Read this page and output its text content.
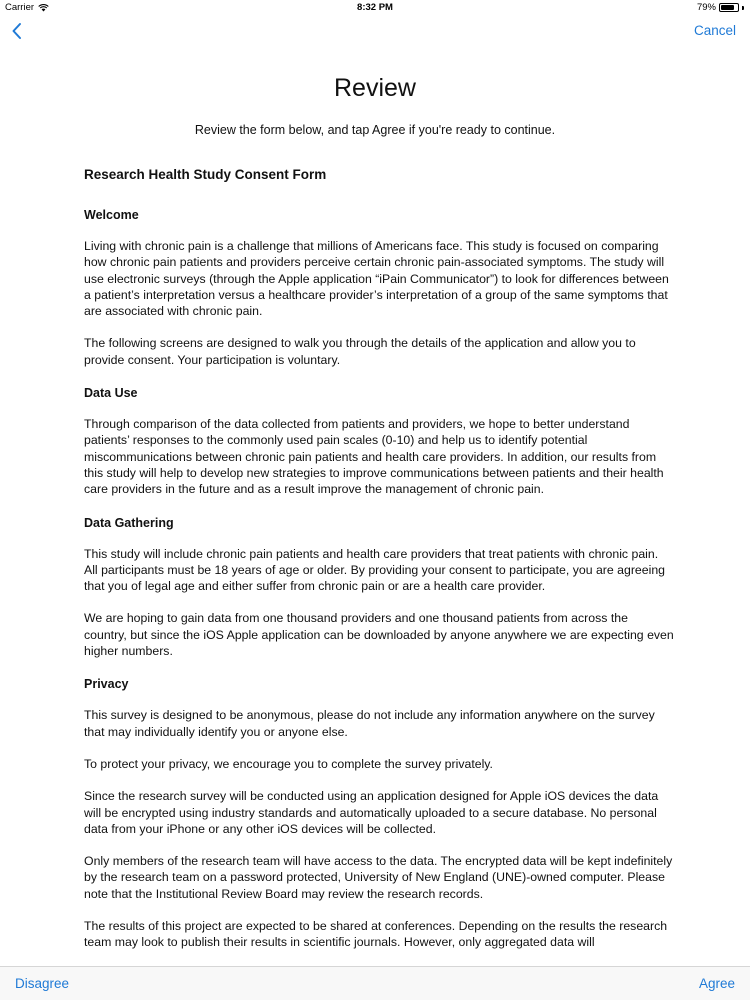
Carrier	8:32 PM	79%
Cancel
Review
Review the form below, and tap Agree if you're ready to continue.
Research Health Study Consent Form
Welcome

Living with chronic pain is a challenge that millions of Americans face. This study is focused on comparing how chronic pain patients and providers perceive certain chronic pain-associated symptoms. The study will use electronic surveys (through the Apple application “iPain Communicator”) to look for differences between a patient’s interpretation versus a healthcare provider’s interpretation of a group of the same symptoms that are associated with chronic pain.

The following screens are designed to walk you through the details of the application and allow you to provide consent. Your participation is voluntary.

Data Use

Through comparison of the data collected from patients and providers, we hope to better understand patients’ responses to the commonly used pain scales (0-10) and help us to identify potential miscommunications between chronic pain patients and health care providers. In addition, our results from this study will help to develop new strategies to improve communications between patients and their health care providers in the future and as a result improve the management of chronic pain.

Data Gathering

This study will include chronic pain patients and health care providers that treat patients with chronic pain. All participants must be 18 years of age or older. By providing your consent to participate, you are agreeing that you of legal age and either suffer from chronic pain or are a health care provider.

We are hoping to gain data from one thousand providers and one thousand patients from across the country, but since the iOS Apple application can be downloaded by anyone anywhere we are expecting even higher numbers.

Privacy

This survey is designed to be anonymous, please do not include any information anywhere on the survey that may individually identify you or anyone else.

To protect your privacy, we encourage you to complete the survey privately.

Since the research survey will be conducted using an application designed for Apple iOS devices the data will be encrypted using industry standards and automatically uploaded to a secure database. No personal data from your iPhone or any other iOS devices will be collected.

Only members of the research team will have access to the data. The encrypted data will be kept indefinitely by the research team on a password protected, University of New England (UNE)-owned computer. Please note that the Institutional Review Board may review the research records.

The results of this project are expected to be shared at conferences. Depending on the results the research team may look to publish their results in scientific journals. However, only aggregated data will

Disagree	Agree
